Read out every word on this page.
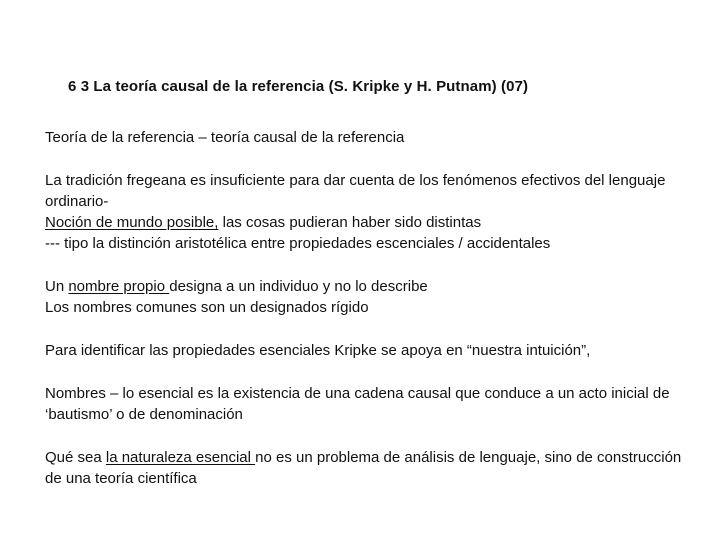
6 3 La teoría causal de la referencia (S. Kripke y H. Putnam) (07)

Teoría de la referencia – teoría causal de la referencia

La tradición fregeana es insuficiente para dar cuenta de los fenómenos efectivos del lenguaje ordinario-
Noción de mundo posible, las cosas pudieran haber sido distintas
--- tipo la distinción aristotélica entre propiedades escenciales / accidentales

Un nombre propio designa a un individuo y no lo describe
Los nombres comunes son un designados rígido

Para identificar las propiedades esenciales Kripke se apoya en “nuestra intuición”,

Nombres – lo esencial es la existencia de una cadena causal que conduce a un acto inicial de ‘bautismo’ o de denominación

Qué sea la naturaleza esencial no es un problema de análisis de lenguaje, sino de construcción de una teoría científica
